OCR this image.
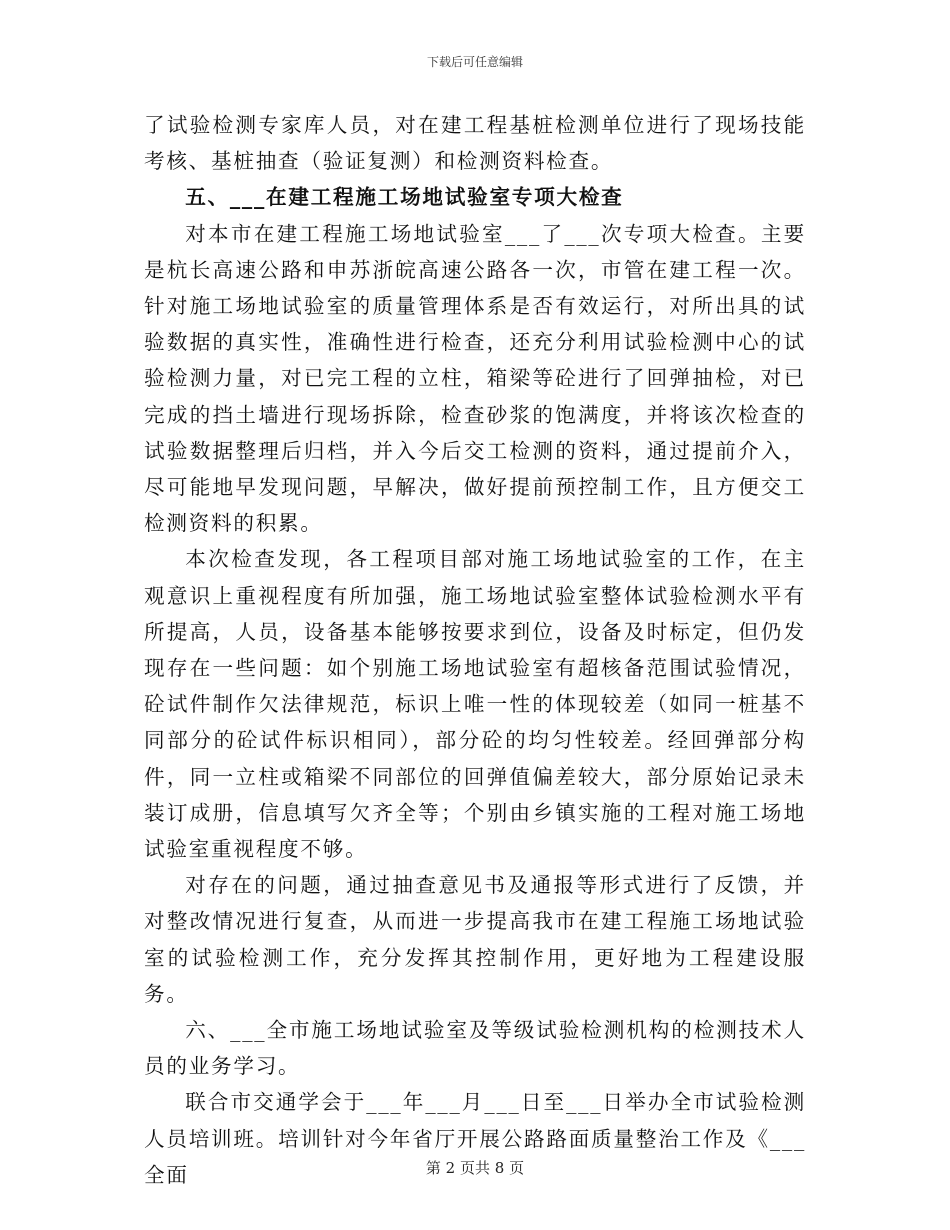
下载后可任意编辑

了试验检测专家库人员，对在建工程基桩检测单位进行了现场技能考核、基桩抽查（验证复测）和检测资料检查。

五、___在建工程施工场地试验室专项大检查

对本市在建工程施工场地试验室___了___次专项大检查。主要是杭长高速公路和申苏浙皖高速公路各一次，市管在建工程一次。针对施工场地试验室的质量管理体系是否有效运行，对所出具的试验数据的真实性，准确性进行检查，还充分利用试验检测中心的试验检测力量，对已完工程的立柱，箱梁等砼进行了回弹抽检，对已完成的挡土墙进行现场拆除，检查砂浆的饱满度，并将该次检查的试验数据整理后归档，并入今后交工检测的资料，通过提前介入，尽可能地早发现问题，早解决，做好提前预控制工作，且方便交工检测资料的积累。

本次检查发现，各工程项目部对施工场地试验室的工作，在主观意识上重视程度有所加强，施工场地试验室整体试验检测水平有所提高，人员，设备基本能够按要求到位，设备及时标定，但仍发现存在一些问题：如个别施工场地试验室有超核备范围试验情况，砼试件制作欠法律规范，标识上唯一性的体现较差（如同一桩基不同部分的砼试件标识相同），部分砼的均匀性较差。经回弹部分构件，同一立柱或箱梁不同部位的回弹值偏差较大，部分原始记录未装订成册，信息填写欠齐全等；个别由乡镇实施的工程对施工场地试验室重视程度不够。

对存在的问题，通过抽查意见书及通报等形式进行了反馈，并对整改情况进行复查，从而进一步提高我市在建工程施工场地试验室的试验检测工作，充分发挥其控制作用，更好地为工程建设服务。

六、___全市施工场地试验室及等级试验检测机构的检测技术人员的业务学习。

联合市交通学会于___年___月___日至___日举办全市试验检测人员培训班。培训针对今年省厅开展公路路面质量整治工作及《___全面	第 2 页共 8 页
